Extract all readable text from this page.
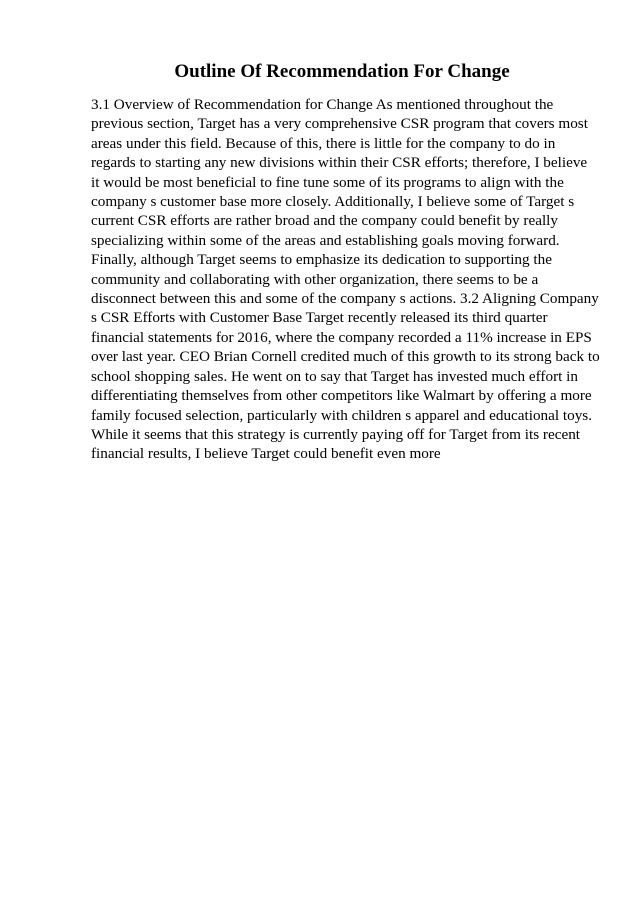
Outline Of Recommendation For Change
3.1 Overview of Recommendation for Change As mentioned throughout the
previous section, Target has a very comprehensive CSR program that covers most
areas under this field. Because of this, there is little for the company to do in
regards to starting any new divisions within their CSR efforts; therefore, I believe
it would be most beneficial to fine tune some of its programs to align with the
company s customer base more closely. Additionally, I believe some of Target s
current CSR efforts are rather broad and the company could benefit by really
specializing within some of the areas and establishing goals moving forward.
Finally, although Target seems to emphasize its dedication to supporting the
community and collaborating with other organization, there seems to be a
disconnect between this and some of the company s actions. 3.2 Aligning Company
s CSR Efforts with Customer Base Target recently released its third quarter
financial statements for 2016, where the company recorded a 11% increase in EPS
over last year. CEO Brian Cornell credited much of this growth to its strong back to
school shopping sales. He went on to say that Target has invested much effort in
differentiating themselves from other competitors like Walmart by offering a more
family focused selection, particularly with children s apparel and educational toys.
While it seems that this strategy is currently paying off for Target from its recent
financial results, I believe Target could benefit even more
